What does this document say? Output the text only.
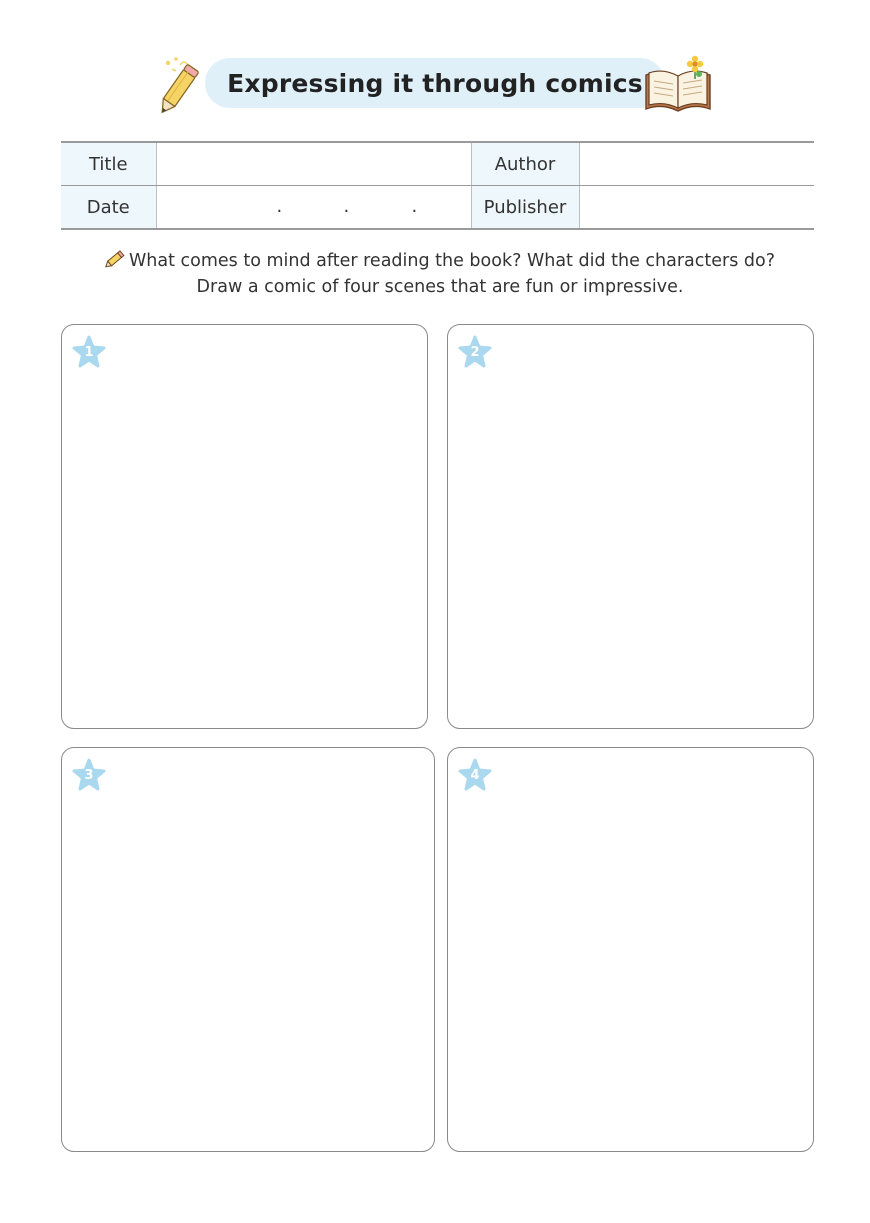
Expressing it through comics
Title		Author	
Date	. . .	Publisher	
What comes to mind after reading the book? What did the characters do?
Draw a comic of four scenes that are fun or impressive.
1	2
3	4
